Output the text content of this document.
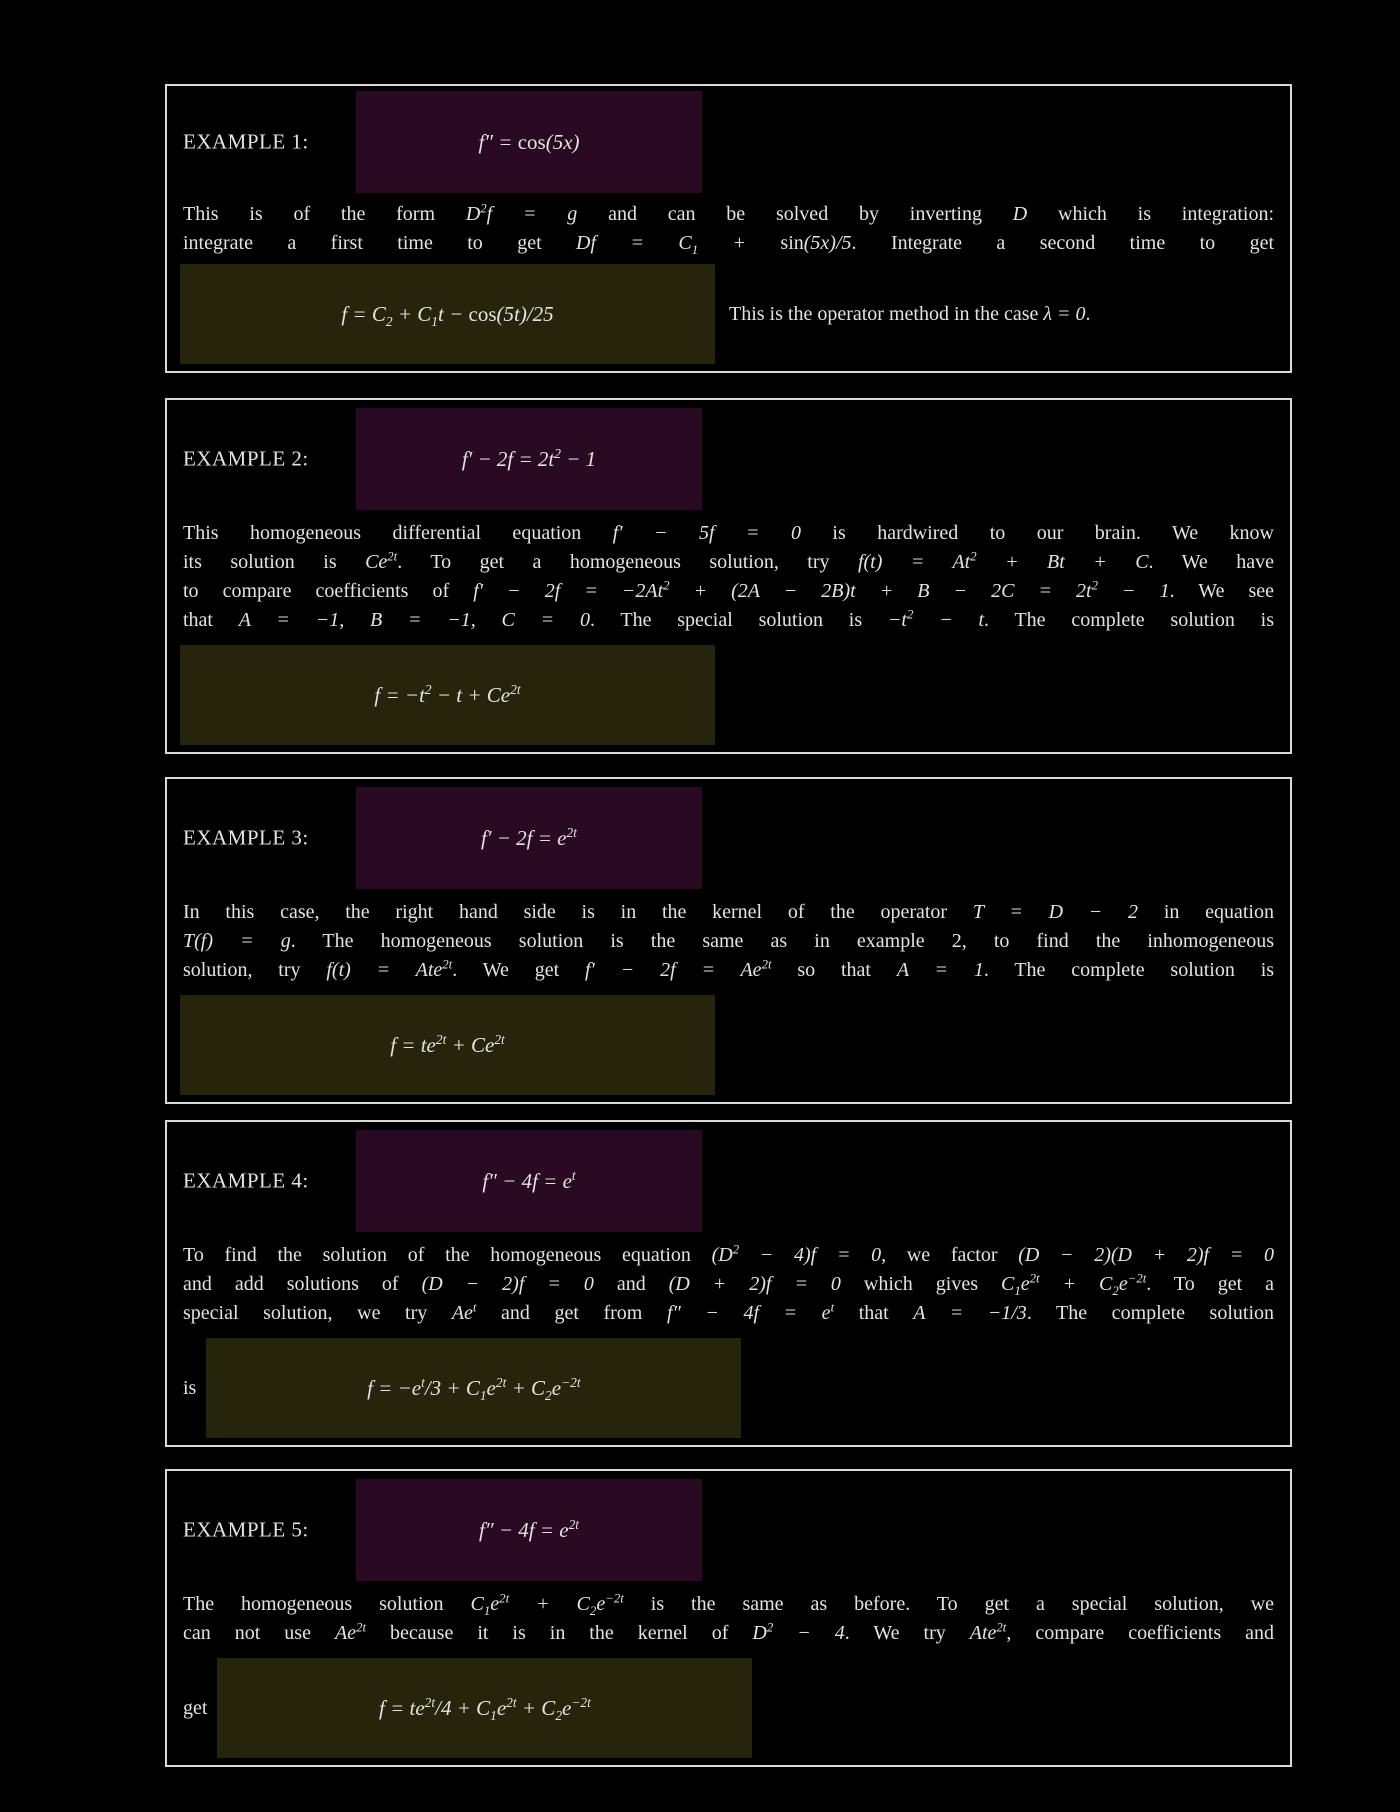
EXAMPLE 1:	f″ = cos(5x)
This is of the form $D^2f = g$ and can be solved by inverting D which is integration:
integrate a first time to get $Df = C_1 + \sin(5x)/5$. Integrate a second time to get
$f = C_2 + C_1t - \cos(5t)/25$	This is the operator method in the case λ = 0.
EXAMPLE 2:	$f' - 2f = 2t^2 - 1$
This homogeneous differential equation f′ − 5f = 0 is hardwired to our brain. We know
its solution is $Ce^{2t}$. To get a homogeneous solution, try $f(t) = At^2 + Bt + C$. We have
to compare coefficients of $f' - 2f = -2At^2 + (2A - 2B)t + B - 2C = 2t^2 - 1$. We see
that A = −1, B = −1, C = 0. The special solution is $-t^2 - t$. The complete solution is
$f = -t^2 - t + Ce^{2t}$
EXAMPLE 3:	$f' - 2f = e^{2t}$
In this case, the right hand side is in the kernel of the operator T = D − 2 in equation
T(f) = g. The homogeneous solution is the same as in example 2, to find the inhomogeneous
solution, try f(t) = Ate$^{2t}$. We get $f' - 2f = Ae^{2t}$ so that A = 1. The complete solution is
$f = te^{2t} + Ce^{2t}$
EXAMPLE 4:	$f'' - 4f = e^t$
To find the solution of the homogeneous equation $(D^2 - 4)f = 0$, we factor (D − 2)(D + 2)f = 0
and add solutions of (D − 2)f = 0 and (D + 2)f = 0 which gives $C_1e^{2t} + C_2e^{-2t}$. To get a
special solution, we try Ae$^t$ and get from $f'' - 4f = e^t$ that A = −1/3. The complete solution
is	$f = -e^t/3 + C_1e^{2t} + C_2e^{-2t}$
EXAMPLE 5:	$f'' - 4f = e^{2t}$
The homogeneous solution $C_1e^{2t} + C_2e^{-2t}$ is the same as before. To get a special solution, we
can not use $Ae^{2t}$ because it is in the kernel of $D^2 - 4$. We try Ate$^{2t}$, compare coefficients and
get	$f = te^{2t}/4 + C_1e^{2t} + C_2e^{-2t}$
